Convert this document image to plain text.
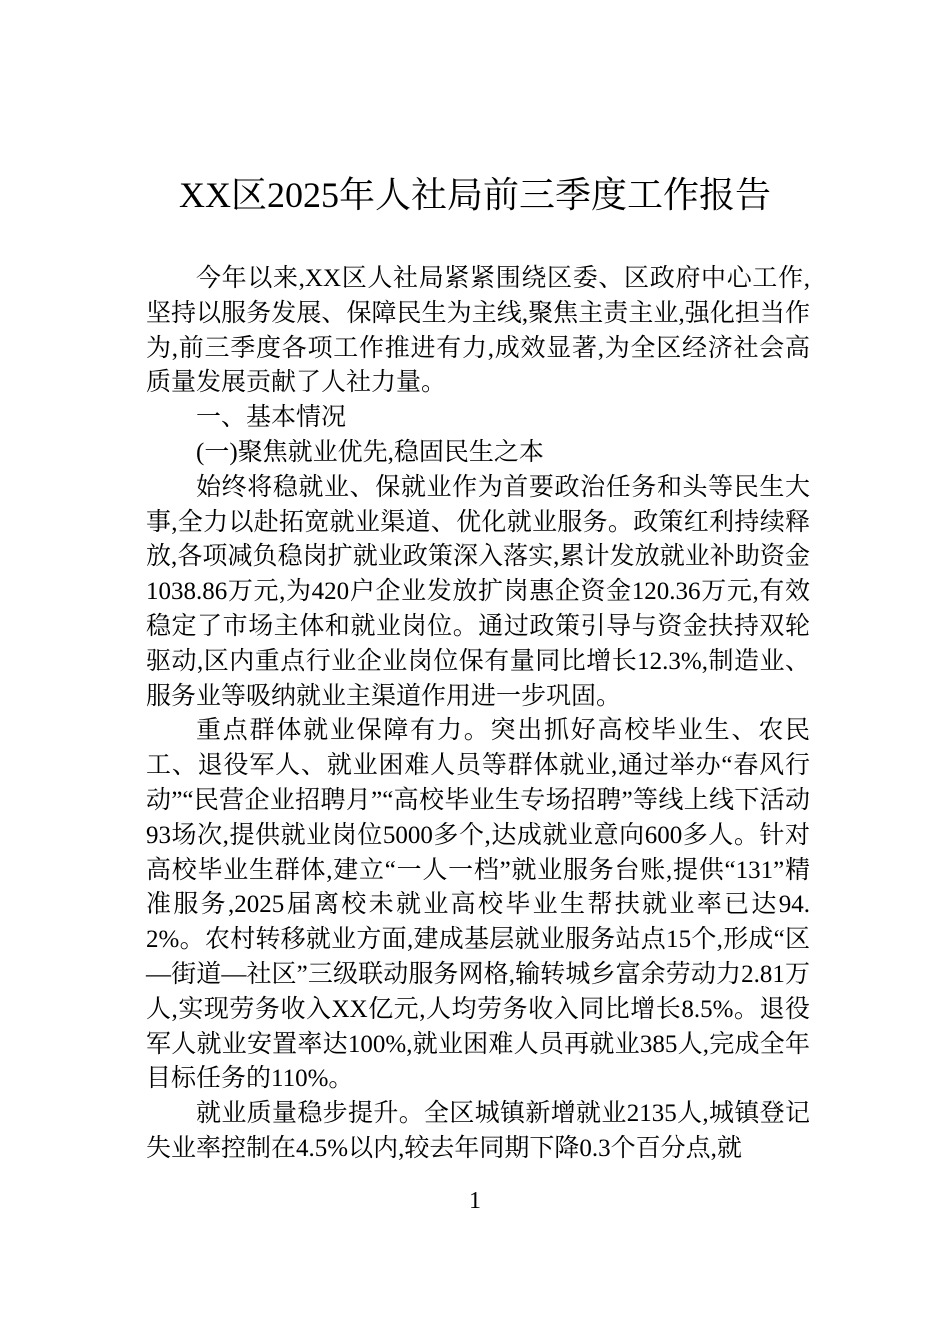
XX区2025年人社局前三季度工作报告

今年以来,XX区人社局紧紧围绕区委、区政府中心工作,坚持以服务发展、保障民生为主线,聚焦主责主业,强化担当作为,前三季度各项工作推进有力,成效显著,为全区经济社会高质量发展贡献了人社力量。

一、基本情况

(一)聚焦就业优先,稳固民生之本

始终将稳就业、保就业作为首要政治任务和头等民生大事,全力以赴拓宽就业渠道、优化就业服务。政策红利持续释放,各项减负稳岗扩就业政策深入落实,累计发放就业补助资金1038.86万元,为420户企业发放扩岗惠企资金120.36万元,有效稳定了市场主体和就业岗位。通过政策引导与资金扶持双轮驱动,区内重点行业企业岗位保有量同比增长12.3%,制造业、服务业等吸纳就业主渠道作用进一步巩固。

重点群体就业保障有力。突出抓好高校毕业生、农民工、退役军人、就业困难人员等群体就业,通过举办“春风行动”“民营企业招聘月”“高校毕业生专场招聘”等线上线下活动93场次,提供就业岗位5000多个,达成就业意向600多人。针对高校毕业生群体,建立“一人一档”就业服务台账,提供“131”精准服务,2025届离校未就业高校毕业生帮扶就业率已达94.2%。农村转移就业方面,建成基层就业服务站点15个,形成“区—街道—社区”三级联动服务网格,输转城乡富余劳动力2.81万人,实现劳务收入XX亿元,人均劳务收入同比增长8.5%。退役军人就业安置率达100%,就业困难人员再就业385人,完成全年目标任务的110%。

就业质量稳步提升。全区城镇新增就业2135人,城镇登记失业率控制在4.5%以内,较去年同期下降0.3个百分点,就

1
